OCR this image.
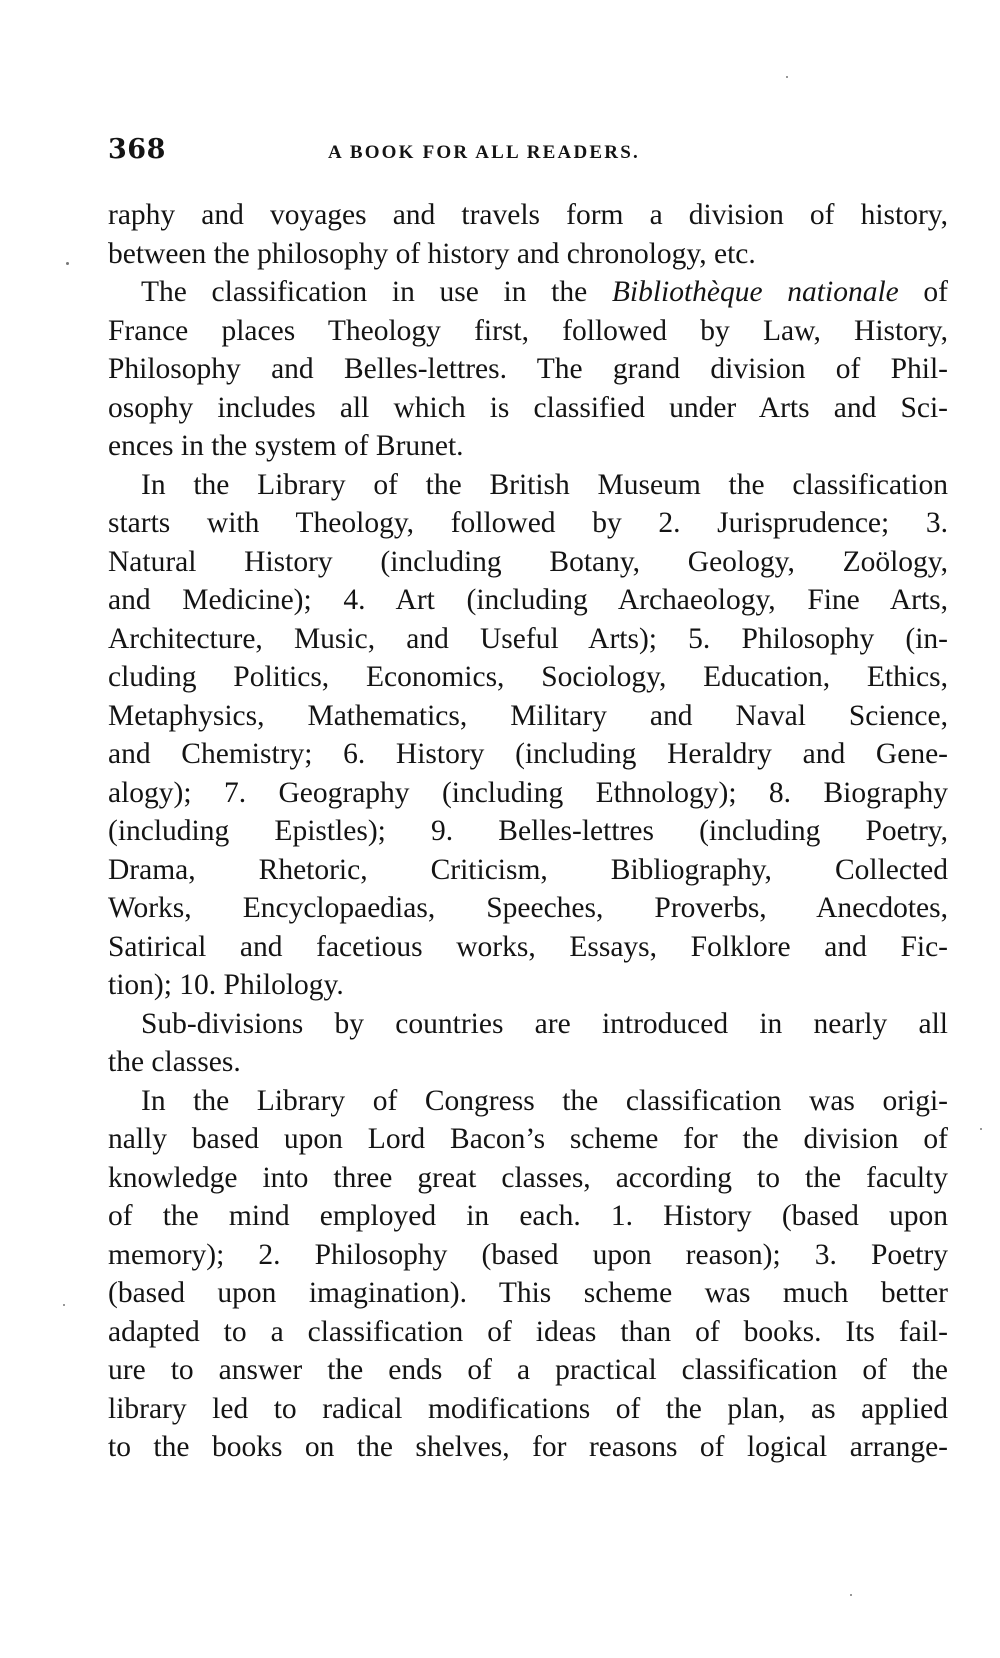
368	A BOOK FOR ALL READERS.
raphy and voyages and travels form a division of history,
between the philosophy of history and chronology, etc.
The classification in use in the Bibliothèque nationale of
France places Theology first, followed by Law, History,
Philosophy and Belles-lettres. The grand division of Phil-
osophy includes all which is classified under Arts and Sci-
ences in the system of Brunet.
In the Library of the British Museum the classification
starts with Theology, followed by 2. Jurisprudence; 3.
Natural History (including Botany, Geology, Zoölogy,
and Medicine); 4. Art (including Archaeology, Fine Arts,
Architecture, Music, and Useful Arts); 5. Philosophy (in-
cluding Politics, Economics, Sociology, Education, Ethics,
Metaphysics, Mathematics, Military and Naval Science,
and Chemistry; 6. History (including Heraldry and Gene-
alogy); 7. Geography (including Ethnology); 8. Biography
(including Epistles); 9. Belles-lettres (including Poetry,
Drama, Rhetoric, Criticism, Bibliography, Collected
Works, Encyclopaedias, Speeches, Proverbs, Anecdotes,
Satirical and facetious works, Essays, Folklore and Fic-
tion); 10. Philology.
Sub-divisions by countries are introduced in nearly all
the classes.
In the Library of Congress the classification was origi-
nally based upon Lord Bacon’s scheme for the division of
knowledge into three great classes, according to the faculty
of the mind employed in each. 1. History (based upon
memory); 2. Philosophy (based upon reason); 3. Poetry
(based upon imagination). This scheme was much better
adapted to a classification of ideas than of books. Its fail-
ure to answer the ends of a practical classification of the
library led to radical modifications of the plan, as applied
to the books on the shelves, for reasons of logical arrange-
